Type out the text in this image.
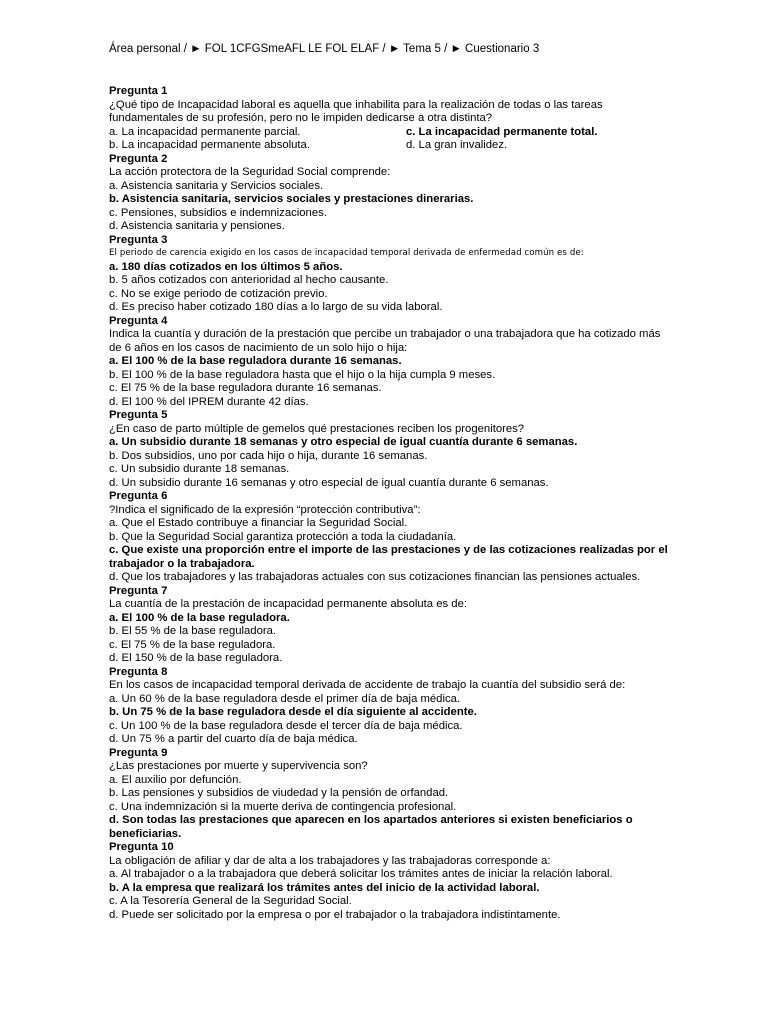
Área personal / ► FOL 1CFGSmeAFL LE FOL ELAF / ► Tema 5 / ► Cuestionario 3
Pregunta 1
¿Qué tipo de Incapacidad laboral es aquella que inhabilita para la realización de todas o las tareas fundamentales de su profesión, pero no le impiden dedicarse a otra distinta?
a. La incapacidad permanente parcial.	c. La incapacidad permanente total.
b. La incapacidad permanente absoluta.	d. La gran invalidez.
Pregunta 2
La acción protectora de la Seguridad Social comprende:
a. Asistencia sanitaria y Servicios sociales.
b. Asistencia sanitaria, servicios sociales y prestaciones dinerarias.
c. Pensiones, subsidios e indemnizaciones.
d. Asistencia sanitaria y pensiones.
Pregunta 3
El periodo de carencia exigido en los casos de incapacidad temporal derivada de enfermedad común es de:
a. 180 días cotizados en los últimos 5 años.
b. 5 años cotizados con anterioridad al hecho causante.
c. No se exige periodo de cotización previo.
d. Es preciso haber cotizado 180 días a lo largo de su vida laboral.
Pregunta 4
Indica la cuantía y duración de la prestación que percibe un trabajador o una trabajadora que ha cotizado más de 6 años en los casos de nacimiento de un solo hijo o hija:
a. El 100 % de la base reguladora durante 16 semanas.
b. El 100 % de la base reguladora hasta que el hijo o la hija cumpla 9 meses.
c. El 75 % de la base reguladora durante 16 semanas.
d. El 100 % del IPREM durante 42 días.
Pregunta 5
¿En caso de parto múltiple de gemelos qué prestaciones reciben los progenitores?
a. Un subsidio durante 18 semanas y otro especial de igual cuantía durante 6 semanas.
b. Dos subsidios, uno por cada hijo o hija, durante 16 semanas.
c. Un subsidio durante 18 semanas.
d. Un subsidio durante 16 semanas y otro especial de igual cuantía durante 6 semanas.
Pregunta 6
?Indica el significado de la expresión “protección contributiva”:
a. Que el Estado contribuye a financiar la Seguridad Social.
b. Que la Seguridad Social garantiza protección a toda la ciudadanía.
c. Que existe una proporción entre el importe de las prestaciones y de las cotizaciones realizadas por el trabajador o la trabajadora.
d. Que los trabajadores y las trabajadoras actuales con sus cotizaciones financian las pensiones actuales.
Pregunta 7
La cuantía de la prestación de incapacidad permanente absoluta es de:
a. El 100 % de la base reguladora.
b. El 55 % de la base reguladora.
c. El 75 % de la base reguladora.
d. El 150 % de la base reguladora.
Pregunta 8
En los casos de incapacidad temporal derivada de accidente de trabajo la cuantía del subsidio será de:
a. Un 60 % de la base reguladora desde el primer día de baja médica.
b. Un 75 % de la base reguladora desde el día siguiente al accidente.
c. Un 100 % de la base reguladora desde el tercer día de baja médica.
d. Un 75 % a partir del cuarto día de baja médica.
Pregunta 9
¿Las prestaciones por muerte y supervivencia son?
a. El auxilio por defunción.
b. Las pensiones y subsidios de viudedad y la pensión de orfandad.
c. Una indemnización si la muerte deriva de contingencia profesional.
d. Son todas las prestaciones que aparecen en los apartados anteriores si existen beneficiarios o beneficiarias.
Pregunta 10
La obligación de afiliar y dar de alta a los trabajadores y las trabajadoras corresponde a:
a. Al trabajador o a la trabajadora que deberá solicitar los trámites antes de iniciar la relación laboral.
b. A la empresa que realizará los trámites antes del inicio de la actividad laboral.
c. A la Tesorería General de la Seguridad Social.
d. Puede ser solicitado por la empresa o por el trabajador o la trabajadora indistintamente.
